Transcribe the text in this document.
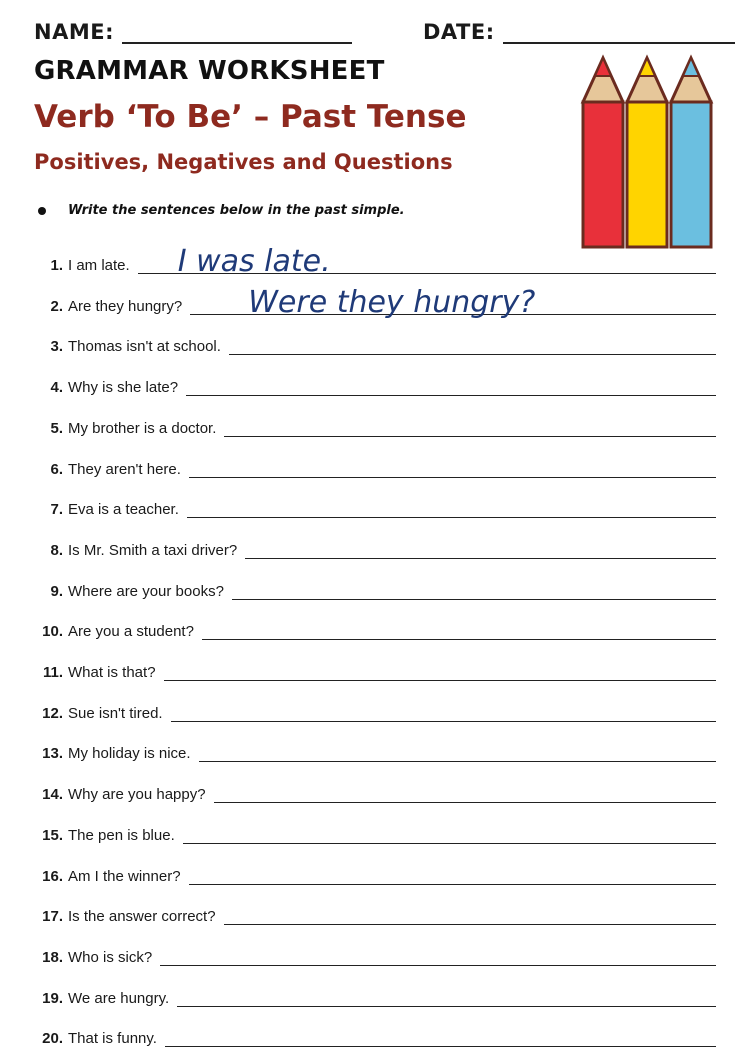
NAME:	DATE:
GRAMMAR WORKSHEET
Verb ‘To Be’ – Past Tense
Positives, Negatives and Questions
Write the sentences below in the past simple.
1. I am late. I was late.
2. Are they hungry? Were they hungry?
3. Thomas isn't at school.
4. Why is she late?
5. My brother is a doctor.
6. They aren't here.
7. Eva is a teacher.
8. Is Mr. Smith a taxi driver?
9. Where are your books?
10. Are you a student?
11. What is that?
12. Sue isn't tired.
13. My holiday is nice.
14. Why are you happy?
15. The pen is blue.
16. Am I the winner?
17. Is the answer correct?
18. Who is sick?
19. We are hungry.
20. That is funny.
